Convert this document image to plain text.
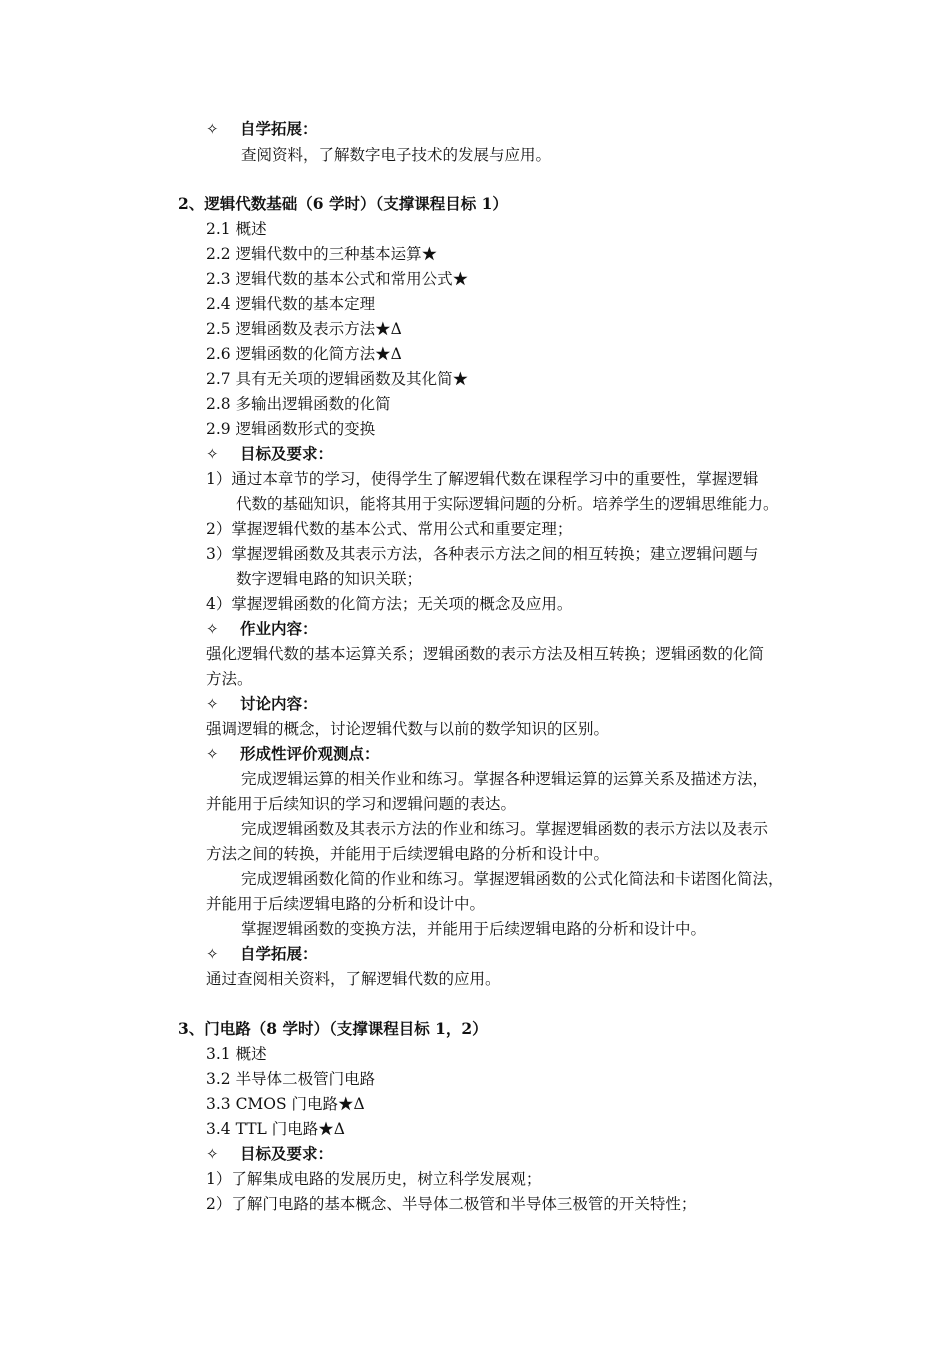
✧ 自学拓展：
查阅资料，了解数字电子技术的发展与应用。
2、逻辑代数基础（6 学时）（支撑课程目标 1）
2.1 概述
2.2 逻辑代数中的三种基本运算★
2.3 逻辑代数的基本公式和常用公式★
2.4 逻辑代数的基本定理
2.5 逻辑函数及表示方法★Δ
2.6 逻辑函数的化简方法★Δ
2.7 具有无关项的逻辑函数及其化简★
2.8 多输出逻辑函数的化简
2.9 逻辑函数形式的变换
✧ 目标及要求：
1）通过本章节的学习，使得学生了解逻辑代数在课程学习中的重要性，掌握逻辑
代数的基础知识，能将其用于实际逻辑问题的分析。培养学生的逻辑思维能力。
2）掌握逻辑代数的基本公式、常用公式和重要定理；
3）掌握逻辑函数及其表示方法，各种表示方法之间的相互转换；建立逻辑问题与
数字逻辑电路的知识关联；
4）掌握逻辑函数的化简方法；无关项的概念及应用。
✧ 作业内容：
强化逻辑代数的基本运算关系；逻辑函数的表示方法及相互转换；逻辑函数的化简
方法。
✧ 讨论内容：
强调逻辑的概念，讨论逻辑代数与以前的数学知识的区别。
✧ 形成性评价观测点：
完成逻辑运算的相关作业和练习。掌握各种逻辑运算的运算关系及描述方法，
并能用于后续知识的学习和逻辑问题的表达。
完成逻辑函数及其表示方法的作业和练习。掌握逻辑函数的表示方法以及表示
方法之间的转换，并能用于后续逻辑电路的分析和设计中。
完成逻辑函数化简的作业和练习。掌握逻辑函数的公式化简法和卡诺图化简法，
并能用于后续逻辑电路的分析和设计中。
掌握逻辑函数的变换方法，并能用于后续逻辑电路的分析和设计中。
✧ 自学拓展：
通过查阅相关资料，了解逻辑代数的应用。
3、门电路（8 学时）（支撑课程目标 1，2）
3.1 概述
3.2 半导体二极管门电路
3.3 CMOS 门电路★Δ
3.4 TTL 门电路★Δ
✧ 目标及要求：
1）了解集成电路的发展历史，树立科学发展观；
2）了解门电路的基本概念、半导体二极管和半导体三极管的开关特性；
